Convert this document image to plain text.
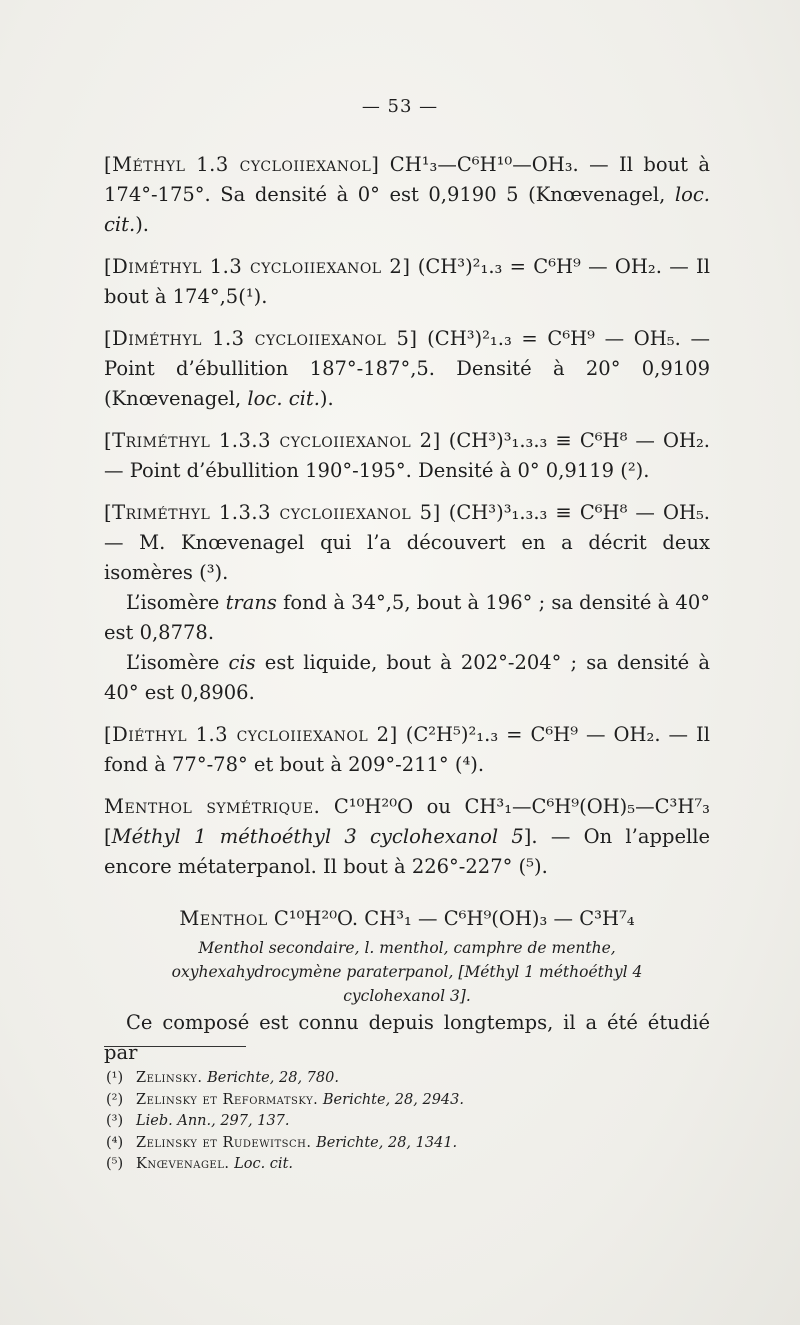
— 53 —

[Méthyl 1.3 cycloiiexanol] CH¹₃—C⁶H¹⁰—OH₃. — Il bout à 174°-175°. Sa densité à 0° est 0,9190 5 (Knœvenagel, loc. cit.).

[Diméthyl 1.3 cycloiiexanol 2] (CH³)²₁.₃ = C⁶H⁹ — OH₂. — Il bout à 174°,5(¹).

[Diméthyl 1.3 cycloiiexanol 5] (CH³)²₁.₃ = C⁶H⁹ — OH₅. — Point d’ébullition 187°-187°,5. Densité à 20° 0,9109 (Knœvenagel, loc. cit.).

[Triméthyl 1.3.3 cycloiiexanol 2] (CH³)³₁.₃.₃ ≡ C⁶H⁸ — OH₂. — Point d’ébullition 190°-195°. Densité à 0° 0,9119 (²).

[Triméthyl 1.3.3 cycloiiexanol 5] (CH³)³₁.₃.₃ ≡ C⁶H⁸ — OH₅. — M. Knœvenagel qui l’a découvert en a décrit deux isomères (³).

L’isomère trans fond à 34°,5, bout à 196° ; sa densité à 40° est 0,8778.

L’isomère cis est liquide, bout à 202°-204° ; sa densité à 40° est 0,8906.

[Diéthyl 1.3 cycloiiexanol 2] (C²H⁵)²₁.₃ = C⁶H⁹ — OH₂. — Il fond à 77°-78° et bout à 209°-211° (⁴).

Menthol symétrique. C¹⁰H²⁰O ou CH³₁—C⁶H⁹(OH)₅—C³H⁷₃ [Méthyl 1 méthoéthyl 3 cyclohexanol 5]. — On l’appelle encore métaterpanol. Il bout à 226°-227° (⁵).

Menthol C¹⁰H²⁰O. CH³₁ — C⁶H⁹(OH)₃ — C³H⁷₄
Menthol secondaire, l. menthol, camphre de menthe, oxyhexahydrocymène paraterpanol, [Méthyl 1 méthoéthyl 4 cyclohexanol 3].

Ce composé est connu depuis longtemps, il a été étudié par

(¹) Zelinsky. Berichte, 28, 780.
(²) Zelinsky et Reformatsky. Berichte, 28, 2943.
(³) Lieb. Ann., 297, 137.
(⁴) Zelinsky et Rudewitsch. Berichte, 28, 1341.
(⁵) Knœvenagel. Loc. cit.
